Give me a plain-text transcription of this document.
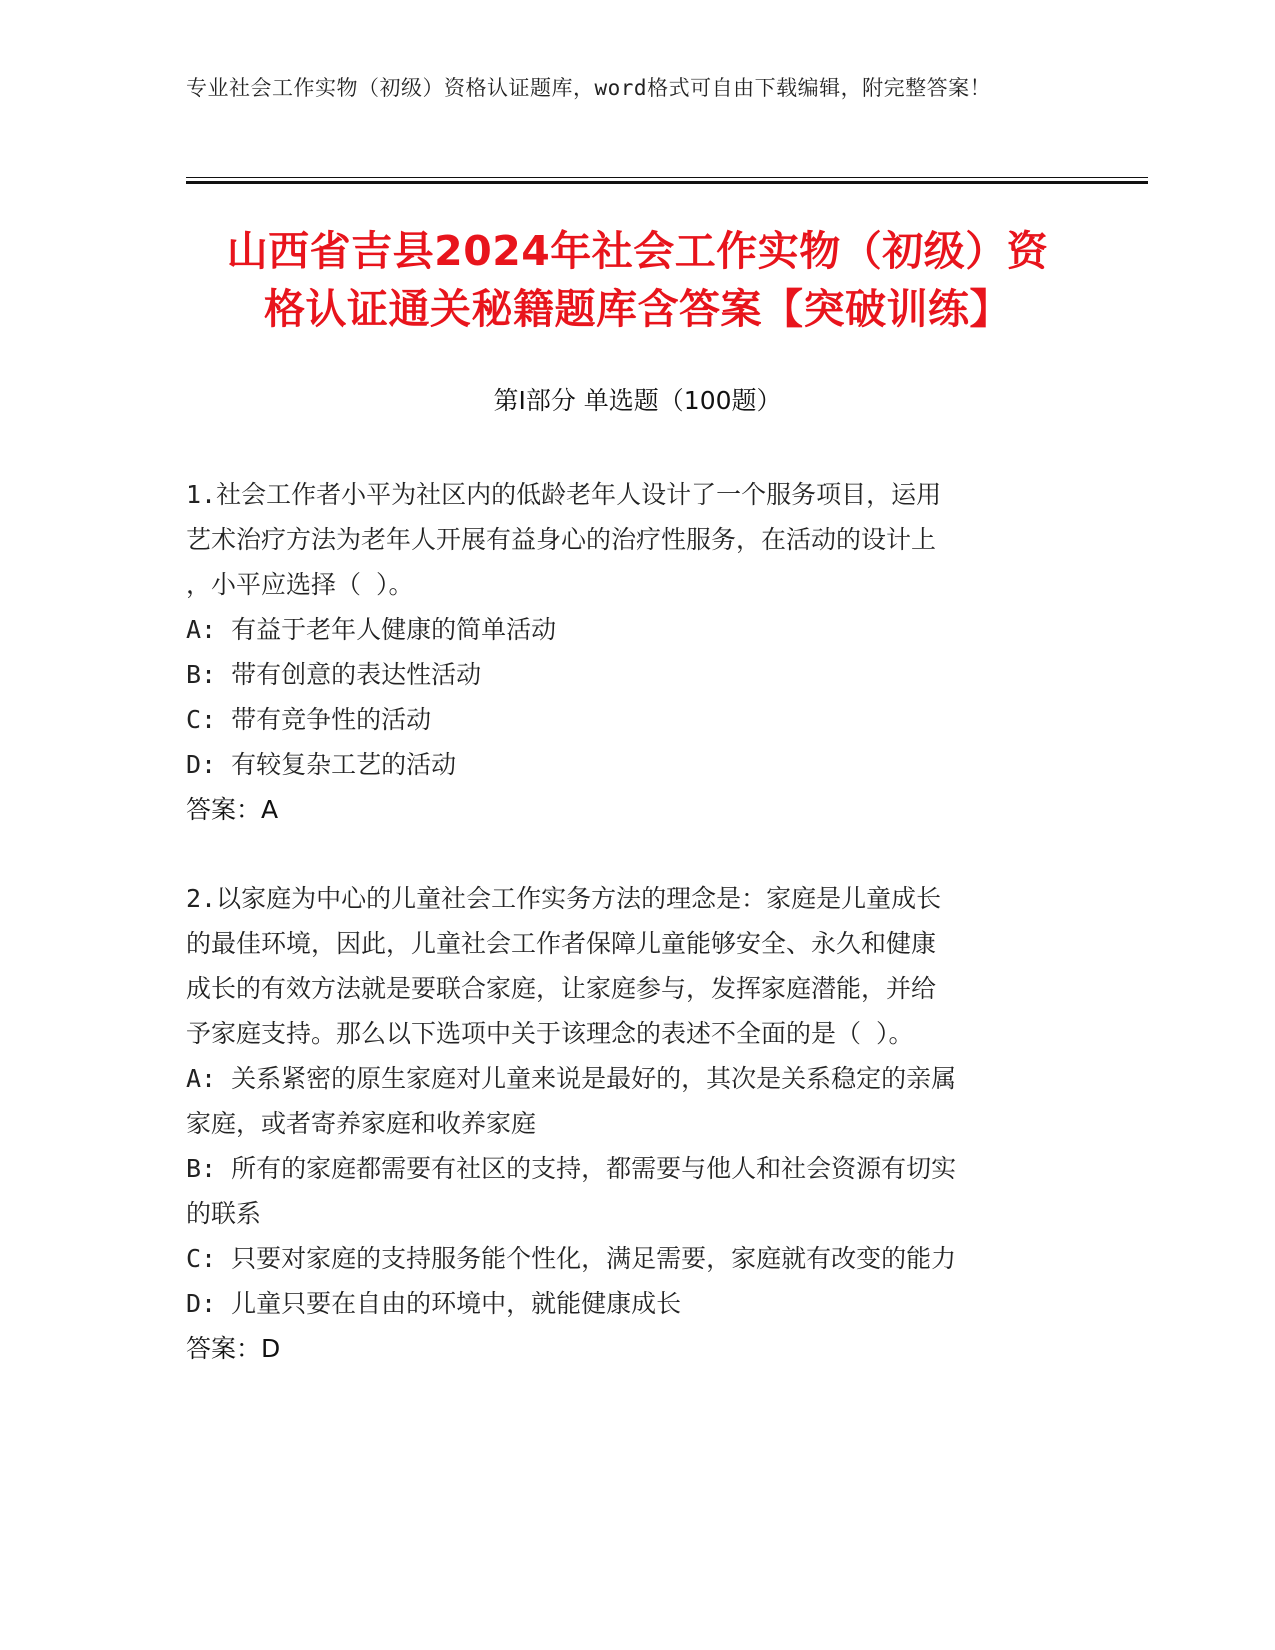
专业社会工作实物（初级）资格认证题库，word格式可自由下载编辑，附完整答案！
山西省吉县2024年社会工作实物（初级）资
格认证通关秘籍题库含答案【突破训练】
第Ⅰ部分 单选题（100题）

1.社会工作者小平为社区内的低龄老年人设计了一个服务项目，运用

艺术治疗方法为老年人开展有益身心的治疗性服务，在活动的设计上

，小平应选择（ ）。

A: 有益于老年人健康的简单活动

B: 带有创意的表达性活动

C: 带有竞争性的活动

D: 有较复杂工艺的活动

答案：A

2.以家庭为中心的儿童社会工作实务方法的理念是：家庭是儿童成长

的最佳环境，因此，儿童社会工作者保障儿童能够安全、永久和健康

成长的有效方法就是要联合家庭，让家庭参与，发挥家庭潜能，并给

予家庭支持。那么以下选项中关于该理念的表述不全面的是（ ）。

A: 关系紧密的原生家庭对儿童来说是最好的，其次是关系稳定的亲属

家庭，或者寄养家庭和收养家庭

B: 所有的家庭都需要有社区的支持，都需要与他人和社会资源有切实

的联系

C: 只要对家庭的支持服务能个性化，满足需要，家庭就有改变的能力

D: 儿童只要在自由的环境中，就能健康成长

答案：D
